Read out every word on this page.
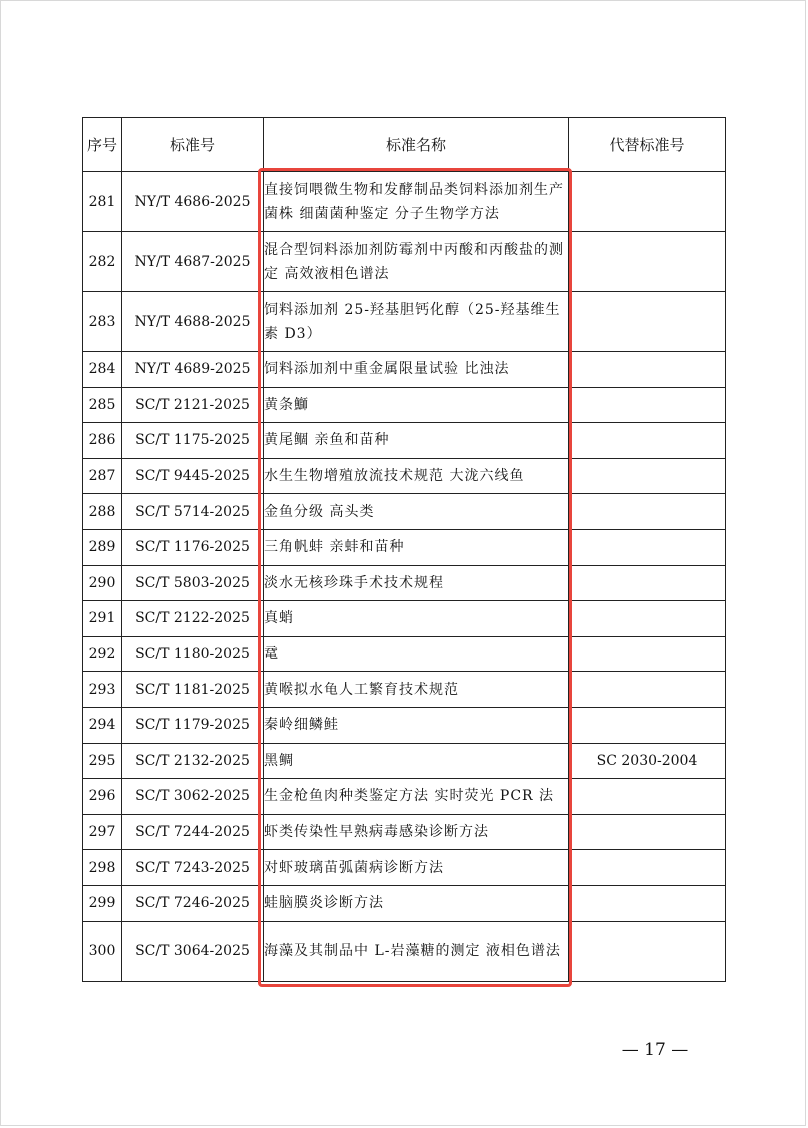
序号	标准号	标准名称	代替标准号
281	NY/T 4686-2025	直接饲喂微生物和发酵制品类饲料添加剂生产菌株 细菌菌种鉴定 分子生物学方法	
282	NY/T 4687-2025	混合型饲料添加剂防霉剂中丙酸和丙酸盐的测定 高效液相色谱法	
283	NY/T 4688-2025	饲料添加剂 25-羟基胆钙化醇（25-羟基维生素 D3）	
284	NY/T 4689-2025	饲料添加剂中重金属限量试验 比浊法	
285	SC/T 2121-2025	黄条鰤	
286	SC/T 1175-2025	黄尾鲴 亲鱼和苗种	
287	SC/T 9445-2025	水生生物增殖放流技术规范 大泷六线鱼	
288	SC/T 5714-2025	金鱼分级 高头类	
289	SC/T 1176-2025	三角帆蚌 亲蚌和苗种	
290	SC/T 5803-2025	淡水无核珍珠手术技术规程	
291	SC/T 2122-2025	真蛸	
292	SC/T 1180-2025	鼋	
293	SC/T 1181-2025	黄喉拟水龟人工繁育技术规范	
294	SC/T 1179-2025	秦岭细鳞鲑	
295	SC/T 2132-2025	黑鲷	SC 2030-2004
296	SC/T 3062-2025	生金枪鱼肉种类鉴定方法 实时荧光 PCR 法	
297	SC/T 7244-2025	虾类传染性早熟病毒感染诊断方法	
298	SC/T 7243-2025	对虾玻璃苗弧菌病诊断方法	
299	SC/T 7246-2025	蛙脑膜炎诊断方法	
300	SC/T 3064-2025	海藻及其制品中 L-岩藻糖的测定 液相色谱法	
— 17 —
